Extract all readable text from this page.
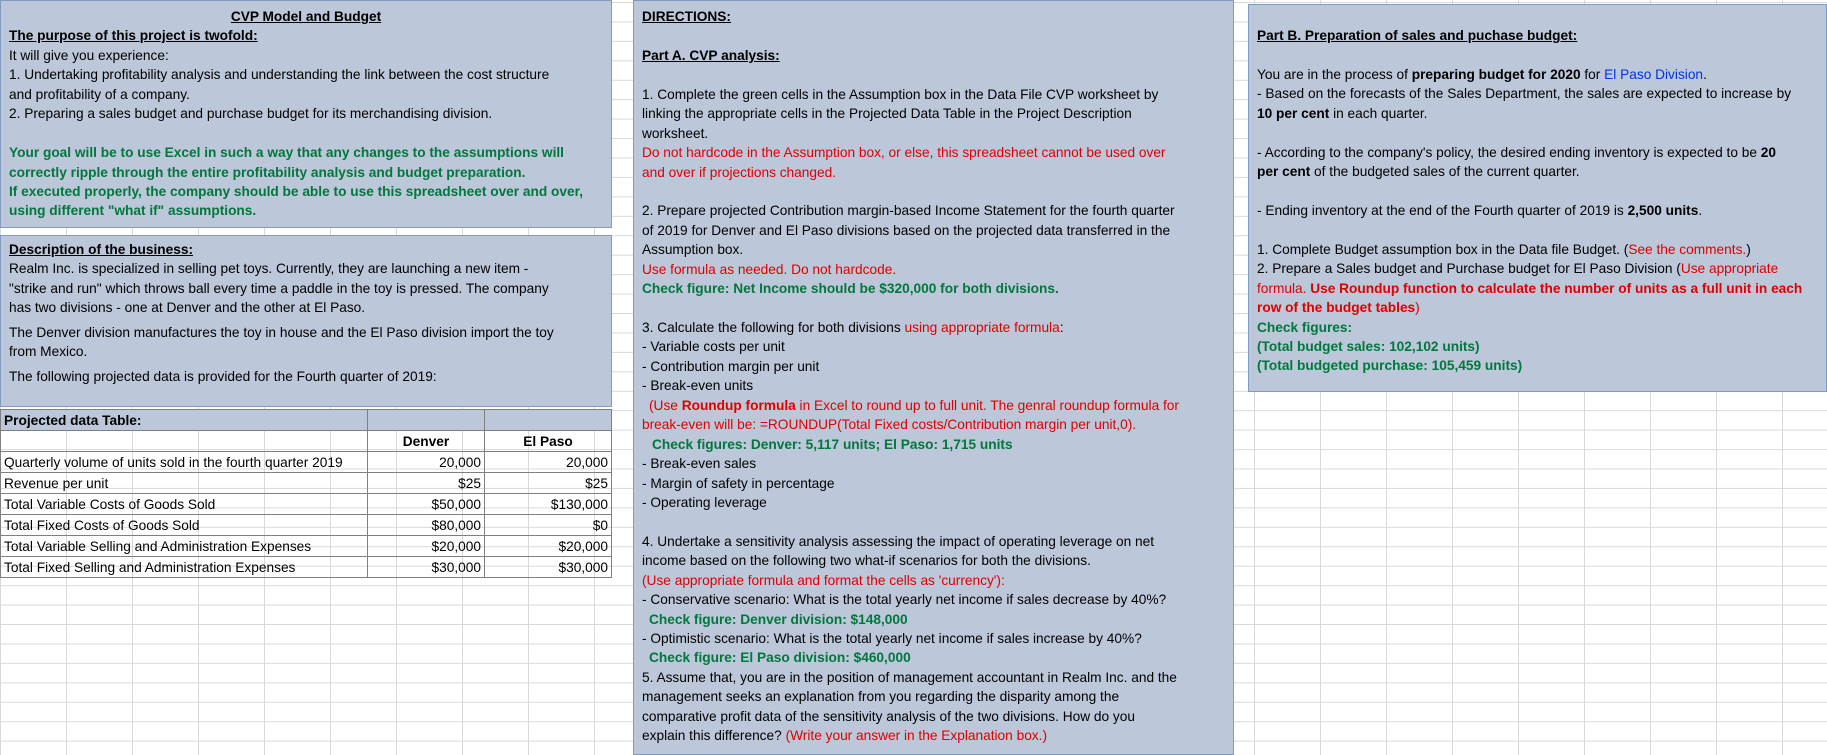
CVP Model and Budget
The purpose of this project is twofold:
It will give you experience:
1. Undertaking profitability analysis and understanding the link between the cost structure
and profitability of a company.
2. Preparing a sales budget and purchase budget for its merchandising division.
Your goal will be to use Excel in such a way that any changes to the assumptions will
correctly ripple through the entire profitability analysis and budget preparation.
If executed properly, the company should be able to use this spreadsheet over and over,
using different "what if" assumptions.
Description of the business:
Realm Inc. is specialized in selling pet toys. Currently, they are launching a new item -
"strike and run" which throws ball every time a paddle in the toy is pressed. The company
has two divisions - one at Denver and the other at El Paso.
The Denver division manufactures the toy in house and the El Paso division import the toy
from Mexico.
The following projected data is provided for the Fourth quarter of 2019:
Projected data Table:		
	Denver	El Paso
Quarterly volume of units sold in the fourth quarter 2019	20,000	20,000
Revenue per unit	$25	$25
Total Variable Costs of Goods Sold	$50,000	$130,000
Total Fixed Costs of Goods Sold	$80,000	$0
Total Variable Selling and Administration Expenses	$20,000	$20,000
Total Fixed Selling and Administration Expenses	$30,000	$30,000
DIRECTIONS:
Part A. CVP analysis:
1. Complete the green cells in the Assumption box in the Data File CVP worksheet by
linking the appropriate cells in the Projected Data Table in the Project Description
worksheet.
Do not hardcode in the Assumption box, or else, this spreadsheet cannot be used over
and over if projections changed.
2. Prepare projected Contribution margin-based Income Statement for the fourth quarter
of 2019 for Denver and El Paso divisions based on the projected data transferred in the
Assumption box.
Use formula as needed. Do not hardcode.
Check figure: Net Income should be $320,000 for both divisions.
3. Calculate the following for both divisions using appropriate formula:
- Variable costs per unit
- Contribution margin per unit
- Break-even units
(Use Roundup formula in Excel to round up to full unit. The genral roundup formula for
break-even will be: =ROUNDUP(Total Fixed costs/Contribution margin per unit,0).
Check figures: Denver: 5,117 units; El Paso: 1,715 units
- Break-even sales
- Margin of safety in percentage
- Operating leverage
4. Undertake a sensitivity analysis assessing the impact of operating leverage on net
income based on the following two what-if scenarios for both the divisions.
(Use appropriate formula and format the cells as 'currency'):
- Conservative scenario: What is the total yearly net income if sales decrease by 40%?
Check figure: Denver division: $148,000
- Optimistic scenario: What is the total yearly net income if sales increase by 40%?
Check figure: El Paso division: $460,000
5. Assume that, you are in the position of management accountant in Realm Inc. and the
management seeks an explanation from you regarding the disparity among the
comparative profit data of the sensitivity analysis of the two divisions. How do you
explain this difference? (Write your answer in the Explanation box.)
Part B. Preparation of sales and puchase budget:
You are in the process of preparing budget for 2020 for El Paso Division.
- Based on the forecasts of the Sales Department, the sales are expected to increase by
10 per cent in each quarter.
- According to the company's policy, the desired ending inventory is expected to be 20
per cent of the budgeted sales of the current quarter.
- Ending inventory at the end of the Fourth quarter of 2019 is 2,500 units.
1. Complete Budget assumption box in the Data file Budget. (See the comments.)
2. Prepare a Sales budget and Purchase budget for El Paso Division (Use appropriate
formula. Use Roundup function to calculate the number of units as a full unit in each
row of the budget tables)
Check figures:
(Total budget sales: 102,102 units)
(Total budgeted purchase: 105,459 units)
